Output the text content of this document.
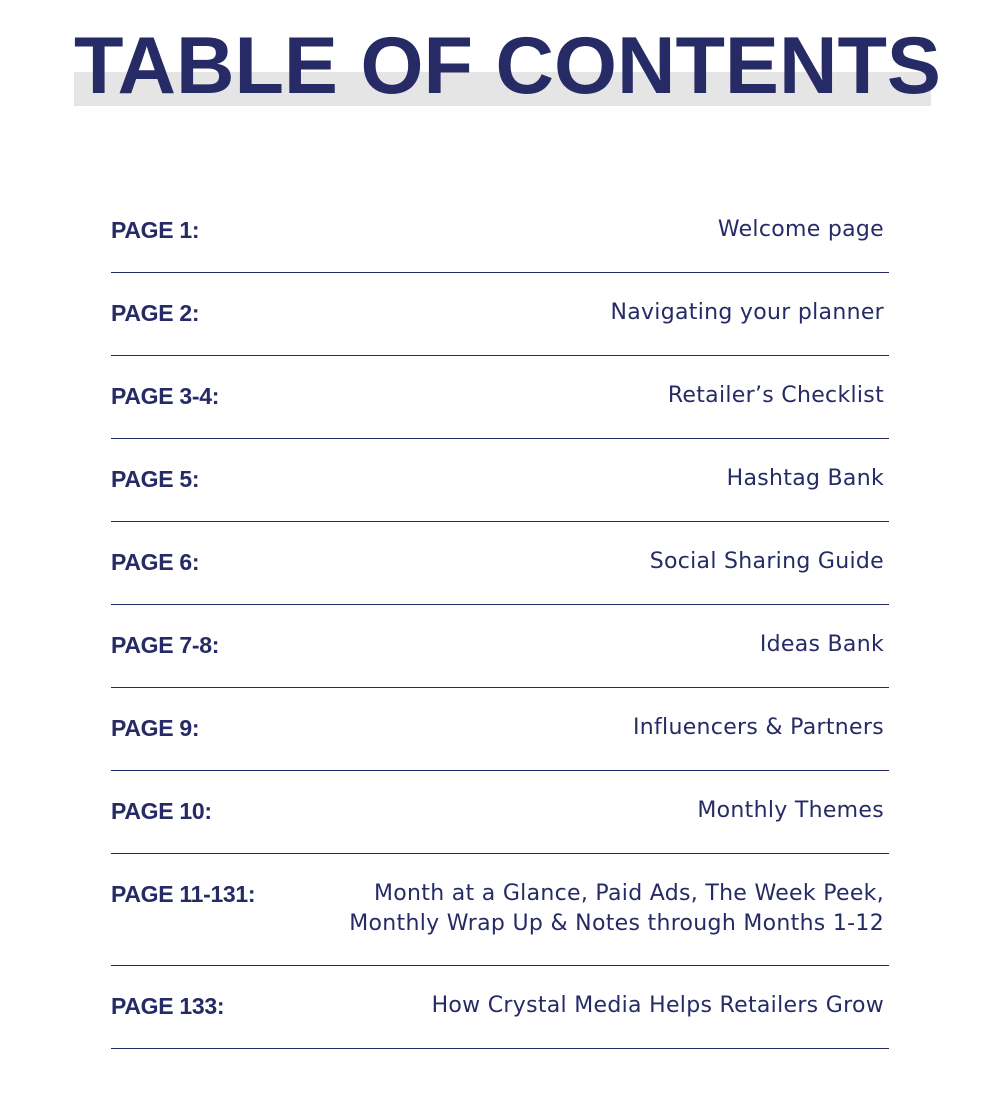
TABLE OF CONTENTS
PAGE 1:	Welcome page
PAGE 2:	Navigating your planner
PAGE 3-4:	Retailer’s Checklist
PAGE 5:	Hashtag Bank
PAGE 6:	Social Sharing Guide
PAGE 7-8:	Ideas Bank
PAGE 9:	Influencers & Partners
PAGE 10:	Monthly Themes
PAGE 11-131:	Month at a Glance, Paid Ads, The Week Peek,
Monthly Wrap Up & Notes through Months 1-12
PAGE 133:	How Crystal Media Helps Retailers Grow
